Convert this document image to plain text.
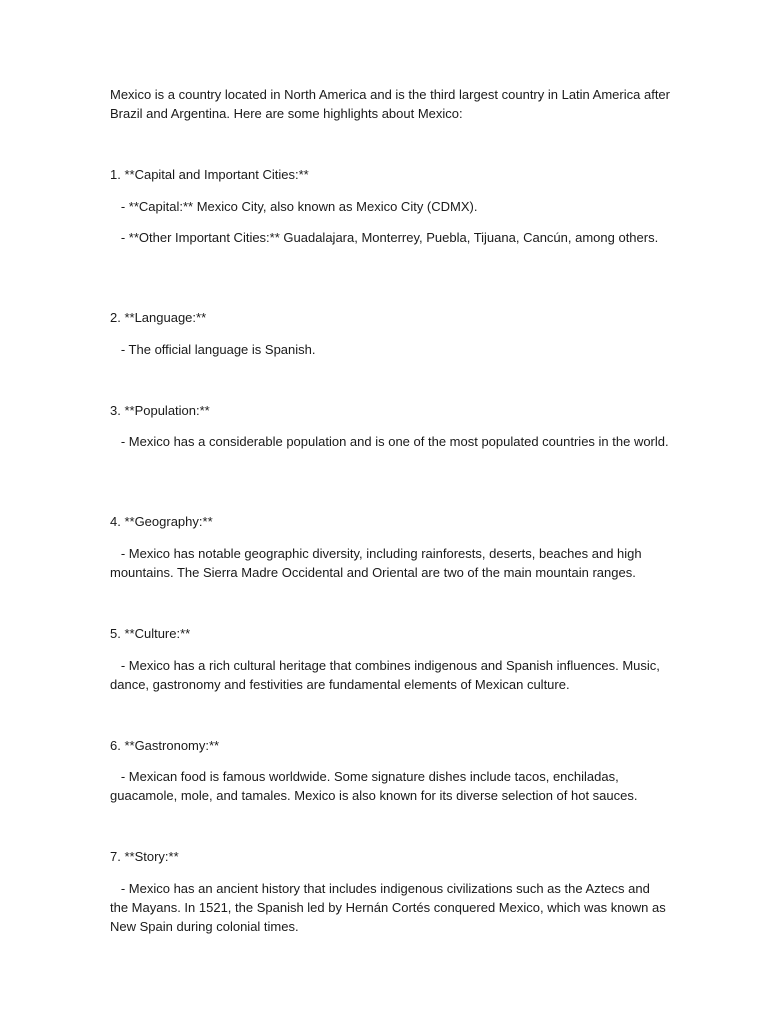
Mexico is a country located in North America and is the third largest country in Latin America after Brazil and Argentina. Here are some highlights about Mexico:

1. **Capital and Important Cities:**

- **Capital:** Mexico City, also known as Mexico City (CDMX).

- **Other Important Cities:** Guadalajara, Monterrey, Puebla, Tijuana, Cancún, among others.

2. **Language:**

- The official language is Spanish.

3. **Population:**

- Mexico has a considerable population and is one of the most populated countries in the world.

4. **Geography:**

- Mexico has notable geographic diversity, including rainforests, deserts, beaches and high mountains. The Sierra Madre Occidental and Oriental are two of the main mountain ranges.

5. **Culture:**

- Mexico has a rich cultural heritage that combines indigenous and Spanish influences. Music, dance, gastronomy and festivities are fundamental elements of Mexican culture.

6. **Gastronomy:**

- Mexican food is famous worldwide. Some signature dishes include tacos, enchiladas, guacamole, mole, and tamales. Mexico is also known for its diverse selection of hot sauces.

7. **Story:**

- Mexico has an ancient history that includes indigenous civilizations such as the Aztecs and the Mayans. In 1521, the Spanish led by Hernán Cortés conquered Mexico, which was known as New Spain during colonial times.
